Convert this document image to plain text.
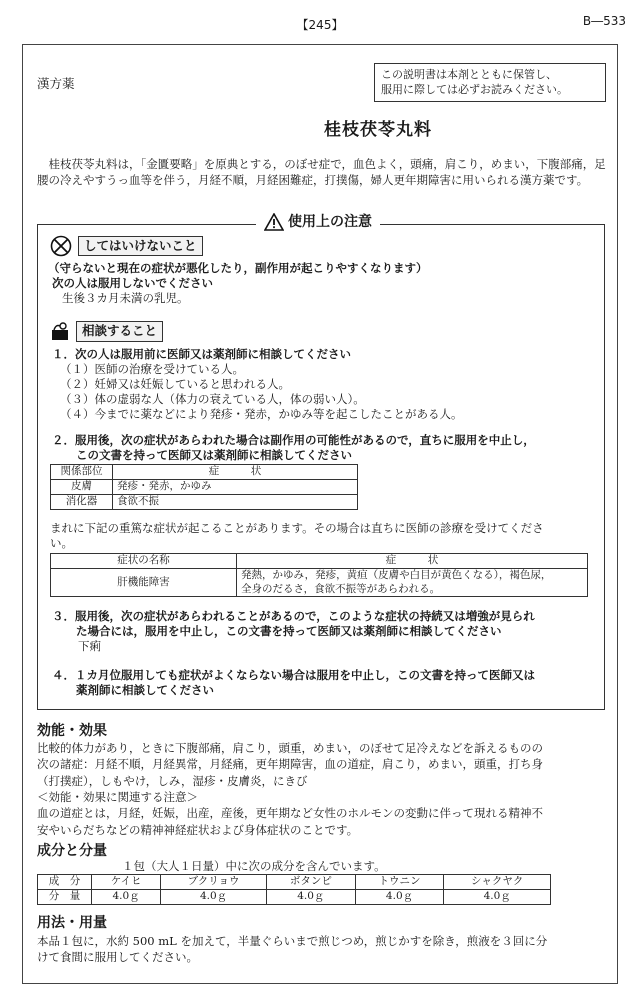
【245】	B―533
漢方薬
この説明書は本剤とともに保管し、
服用に際しては必ずお読みください。
桂枝茯苓丸料
桂枝茯苓丸料は，「金匱要略」を原典とする，のぼせ症で，血色よく，頭痛，肩こり，めまい，下腹部痛，足腰の冷えやすうっ血等を伴う，月経不順，月経困難症，打撲傷，婦人更年期障害に用いられる漢方薬です。
使用上の注意
してはいけないこと
（守らないと現在の症状が悪化したり，副作用が起こりやすくなります）
次の人は服用しないでください
生後３カ月未満の乳児。
相談すること
１．次の人は服用前に医師又は薬剤師に相談してください
（１）医師の治療を受けている人。
（２）妊婦又は妊娠していると思われる人。
（３）体の虚弱な人（体力の衰えている人，体の弱い人）。
（４）今までに薬などにより発疹・発赤，かゆみ等を起こしたことがある人。
２．服用後，次の症状があらわれた場合は副作用の可能性があるので，直ちに服用を中止し，
この文書を持って医師又は薬剤師に相談してください
関係部位	症　　　状
皮膚	発疹・発赤，かゆみ
消化器	食欲不振
まれに下記の重篤な症状が起こることがあります。その場合は直ちに医師の診療を受けてくださ
い。
症状の名称	症　　　状
肝機能障害	発熱，かゆみ，発疹，黄疸（皮膚や白目が黄色くなる），褐色尿，
全身のだるさ，食欲不振等があらわれる。
３．服用後，次の症状があらわれることがあるので，このような症状の持続又は増強が見られ
た場合には，服用を中止し，この文書を持って医師又は薬剤師に相談してください
下痢
４．１カ月位服用しても症状がよくならない場合は服用を中止し，この文書を持って医師又は
薬剤師に相談してください
効能・効果
比較的体力があり，ときに下腹部痛，肩こり，頭重，めまい，のぼせて足冷えなどを訴えるものの
次の諸症：月経不順，月経異常，月経痛，更年期障害，血の道症，肩こり，めまい，頭重，打ち身
（打撲症），しもやけ，しみ，湿疹・皮膚炎，にきび
＜効能・効果に関連する注意＞
血の道症とは，月経，妊娠，出産，産後，更年期など女性のホルモンの変動に伴って現れる精神不
安やいらだちなどの精神神経症状および身体症状のことです。
成分と分量
１包（大人１日量）中に次の成分を含んでいます。
成　分	ケイヒ	ブクリョウ	ボタンピ	トウニン	シャクヤク
分　量	4.0ｇ	4.0ｇ	4.0ｇ	4.0ｇ	4.0ｇ
用法・用量
本品１包に，水約 500 mL を加えて，半量ぐらいまで煎じつめ，煎じかすを除き，煎液を３回に分
けて食間に服用してください。
